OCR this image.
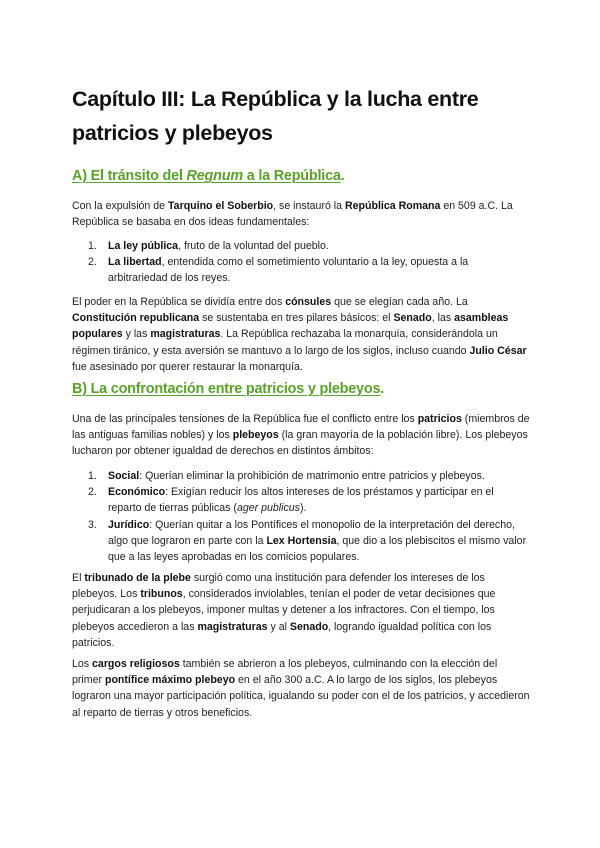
Capítulo III: La República y la lucha entre patricios y plebeyos
A) El tránsito del Regnum a la República.

Con la expulsión de Tarquino el Soberbio, se instauró la República Romana en 509 a.C. La República se basaba en dos ideas fundamentales:

1. La ley pública, fruto de la voluntad del pueblo.
2. La libertad, entendida como el sometimiento voluntario a la ley, opuesta a la arbitrariedad de los reyes.

El poder en la República se dividía entre dos cónsules que se elegían cada año. La Constitución republicana se sustentaba en tres pilares básicos: el Senado, las asambleas populares y las magistraturas. La República rechazaba la monarquía, considerándola un régimen tiránico, y esta aversión se mantuvo a lo largo de los siglos, incluso cuando Julio César fue asesinado por querer restaurar la monarquía.

B) La confrontación entre patricios y plebeyos.

Una de las principales tensiones de la República fue el conflicto entre los patricios (miembros de las antiguas familias nobles) y los plebeyos (la gran mayoría de la población libre). Los plebeyos lucharon por obtener igualdad de derechos en distintos ámbitos:

1. Social: Querían eliminar la prohibición de matrimonio entre patricios y plebeyos.
2. Económico: Exigían reducir los altos intereses de los préstamos y participar en el reparto de tierras públicas (ager publicus).
3. Jurídico: Querían quitar a los Pontífices el monopolio de la interpretación del derecho, algo que lograron en parte con la Lex Hortensia, que dio a los plebiscitos el mismo valor que a las leyes aprobadas en los comicios populares.

El tribunado de la plebe surgió como una institución para defender los intereses de los plebeyos. Los tribunos, considerados inviolables, tenían el poder de vetar decisiones que perjudicaran a los plebeyos, imponer multas y detener a los infractores. Con el tiempo, los plebeyos accedieron a las magistraturas y al Senado, logrando igualdad política con los patricios.

Los cargos religiosos también se abrieron a los plebeyos, culminando con la elección del primer pontífice máximo plebeyo en el año 300 a.C. A lo largo de los siglos, los plebeyos lograron una mayor participación política, igualando su poder con el de los patricios, y accedieron al reparto de tierras y otros beneficios.
